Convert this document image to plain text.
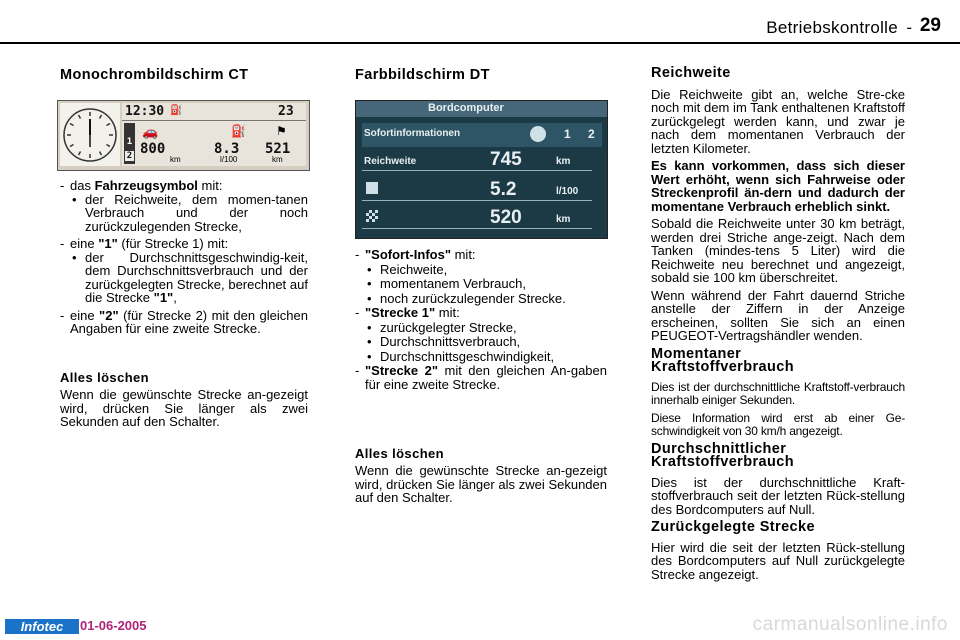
Betriebskontrolle - 29
Monochrombildschirm CT
12:30 ⛽	23
1
2
🚗	⛽	⚑
800	8.3 521
km	l/100	km
- das Fahrzeugsymbol mit:
• der Reichweite, dem momen-tanen Verbrauch und der noch zurückzulegenden Strecke,
- eine "1" (für Strecke 1) mit:
• der Durchschnittsgeschwindig-keit, dem Durchschnittsverbrauch und der zurückgelegten Strecke, berechnet auf die Strecke "1",
- eine "2" (für Strecke 2) mit den gleichen Angaben für eine zweite Strecke.
Alles löschen
Wenn die gewünschte Strecke an-gezeigt wird, drücken Sie länger als zwei Sekunden auf den Schalter.
Farbbildschirm DT
Bordcomputer
Sofortinformationen	1 2
Reichweite	745	km
5.2	l/100
520	km
- "Sofort-Infos" mit:
• Reichweite,
• momentanem Verbrauch,
• noch zurückzulegender Strecke.
- "Strecke 1" mit:
• zurückgelegter Strecke,
• Durchschnittsverbrauch,
• Durchschnittsgeschwindigkeit,
- "Strecke 2" mit den gleichen An-gaben für eine zweite Strecke.
Alles löschen
Wenn die gewünschte Strecke an-gezeigt wird, drücken Sie länger als zwei Sekunden auf den Schalter.
Reichweite
Die Reichweite gibt an, welche Stre-cke noch mit dem im Tank enthaltenen Kraftstoff zurückgelegt werden kann, und zwar je nach dem momentanen Verbrauch der letzten Kilometer.
Es kann vorkommen, dass sich dieser Wert erhöht, wenn sich Fahrweise oder Streckenprofil än-dern und dadurch der momentane Verbrauch erheblich sinkt.
Sobald die Reichweite unter 30 km beträgt, werden drei Striche ange-zeigt. Nach dem Tanken (mindes-tens 5 Liter) wird die Reichweite neu berechnet und angezeigt, sobald sie 100 km überschreitet.
Wenn während der Fahrt dauernd Striche anstelle der Ziffern in der Anzeige erscheinen, sollten Sie sich an einen PEUGEOT-Vertragshändler wenden.
Momentaner
Kraftstoffverbrauch
Dies ist der durchschnittliche Kraftstoff-verbrauch innerhalb einiger Sekunden.
Diese Information wird erst ab einer Ge-schwindigkeit von 30 km/h angezeigt.
Durchschnittlicher
Kraftstoffverbrauch
Dies ist der durchschnittliche Kraft-stoffverbrauch seit der letzten Rück-stellung des Bordcomputers auf Null.
Zurückgelegte Strecke
Hier wird die seit der letzten Rück-stellung des Bordcomputers auf Null zurückgelegte Strecke angezeigt.
Infotec	01-06-2005	carmanualsonline.info
